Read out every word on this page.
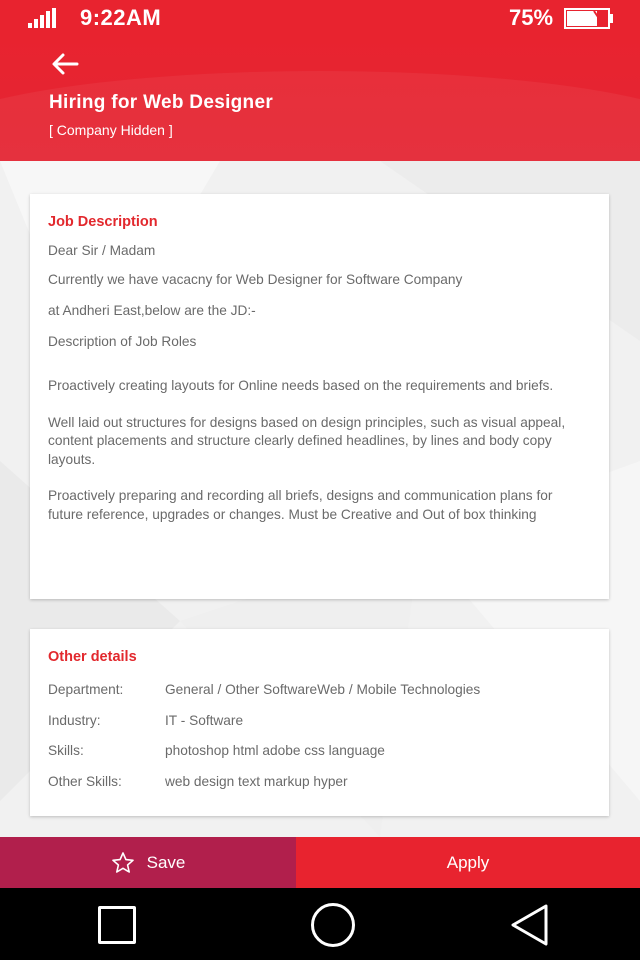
9:22AM	75%
Hiring for Web Designer
[ Company Hidden ]
Job Description
Dear Sir / Madam
Currently we have vacacny for Web Designer for Software Company
at Andheri East,below are the JD:-
Description of Job Roles
Proactively creating layouts for Online needs based on the requirements and briefs.
Well laid out structures for designs based on design principles, such as visual appeal, content placements and structure clearly defined headlines, by lines and body copy layouts.
Proactively preparing and recording all briefs, designs and communication plans for future reference, upgrades or changes. Must be Creative and Out of box thinking
Other details
Department:	General / Other SoftwareWeb / Mobile Technologies
Industry:	IT - Software
Skills:	photoshop html adobe css language
Other Skills:	web design text markup hyper
Save	Apply
